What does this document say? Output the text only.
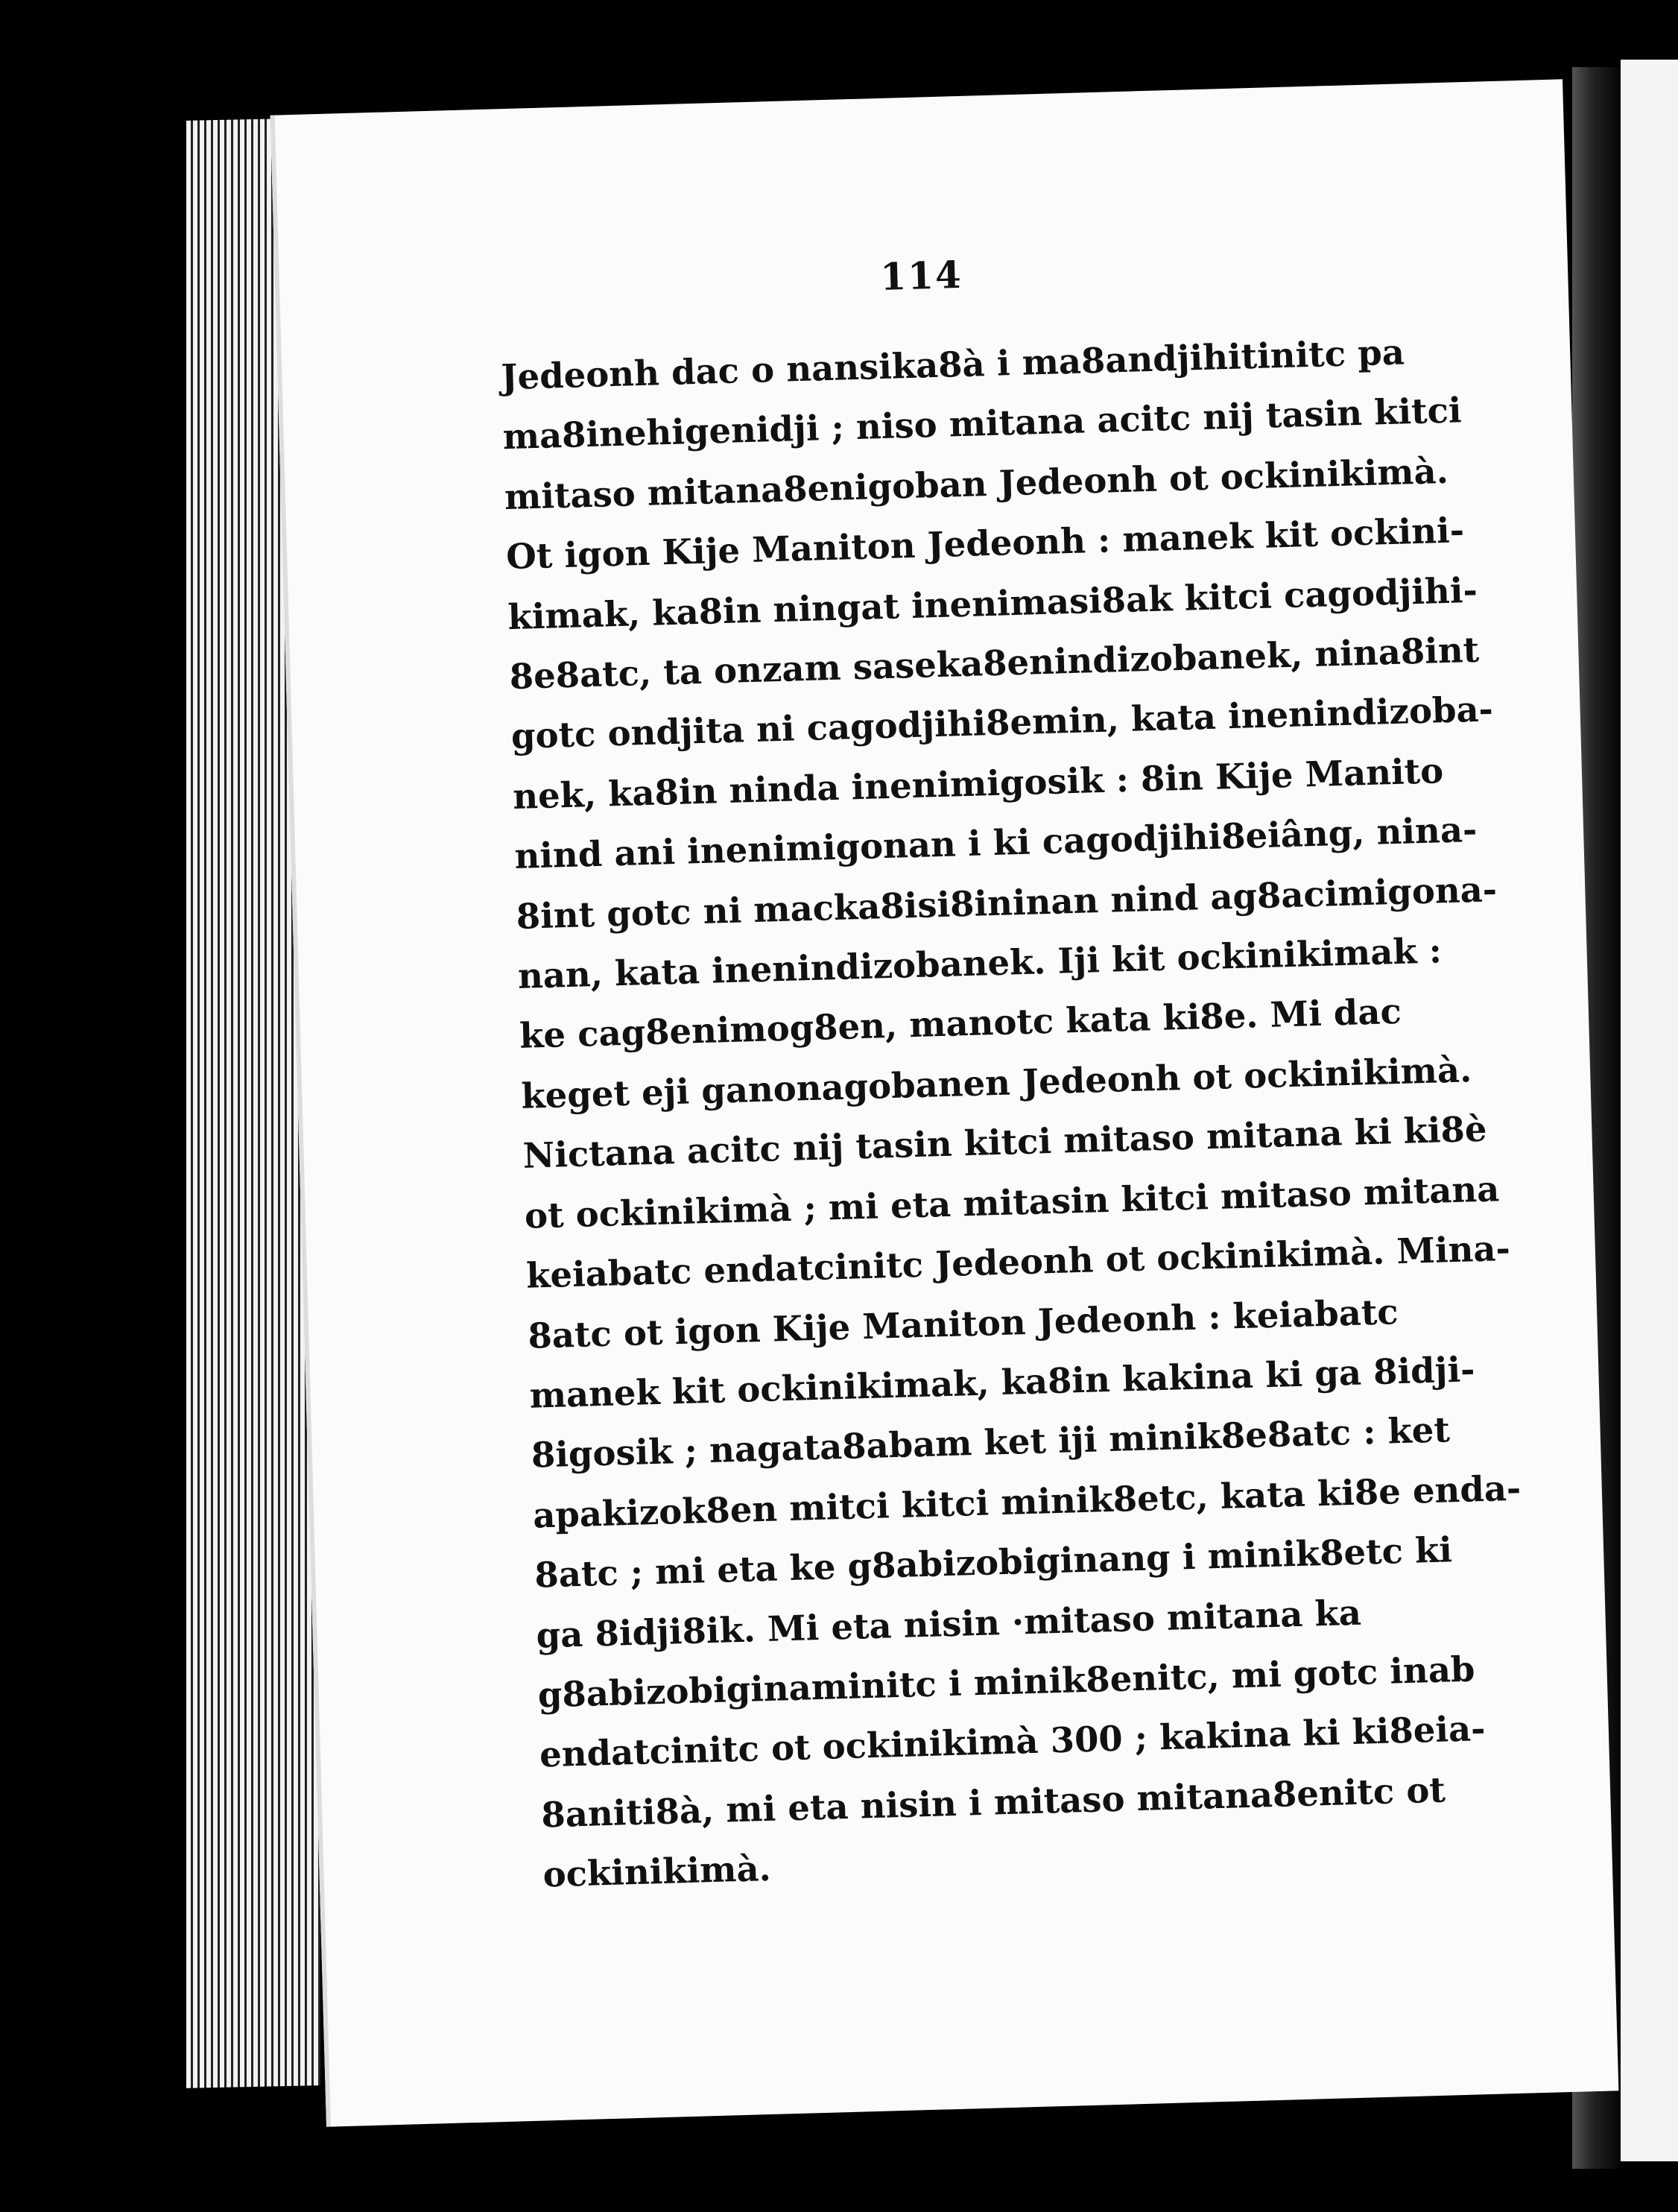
114
Jedeonh dac o nansika8à i ma8andjihitinitc pa
ma8inehigenidji ; niso mitana acitc nij tasin kitci
mitaso mitana8enigoban Jedeonh ot ockinikimà.
Ot igon Kije Maniton Jedeonh : manek kit ockini-
kimak, ka8in ningat inenimasi8ak kitci cagodjihi-
8e8atc, ta onzam saseka8enindizobanek, nina8int
gotc ondjita ni cagodjihi8emin, kata inenindizoba-
nek, ka8in ninda inenimigosik : 8in Kije Manito
nind ani inenimigonan i ki cagodjihi8eiâng, nina-
8int gotc ni macka8isi8ininan nind ag8acimigona-
nan, kata inenindizobanek. Iji kit ockinikimak :
ke cag8enimog8en, manotc kata ki8e. Mi dac
keget eji ganonagobanen Jedeonh ot ockinikimà.
Nictana acitc nij tasin kitci mitaso mitana ki ki8è
ot ockinikimà ; mi eta mitasin kitci mitaso mitana
keiabatc endatcinitc Jedeonh ot ockinikimà. Mina-
8atc ot igon Kije Maniton Jedeonh : keiabatc
manek kit ockinikimak, ka8in kakina ki ga 8idji-
8igosik ; nagata8abam ket iji minik8e8atc : ket
apakizok8en mitci kitci minik8etc, kata ki8e enda-
8atc ; mi eta ke g8abizobiginang i minik8etc ki
ga 8idji8ik. Mi eta nisin ·mitaso mitana ka
g8abizobiginaminitc i minik8enitc, mi gotc inab
endatcinitc ot ockinikimà 300 ; kakina ki ki8eia-
8aniti8à, mi eta nisin i mitaso mitana8enitc ot
ockinikimà.
